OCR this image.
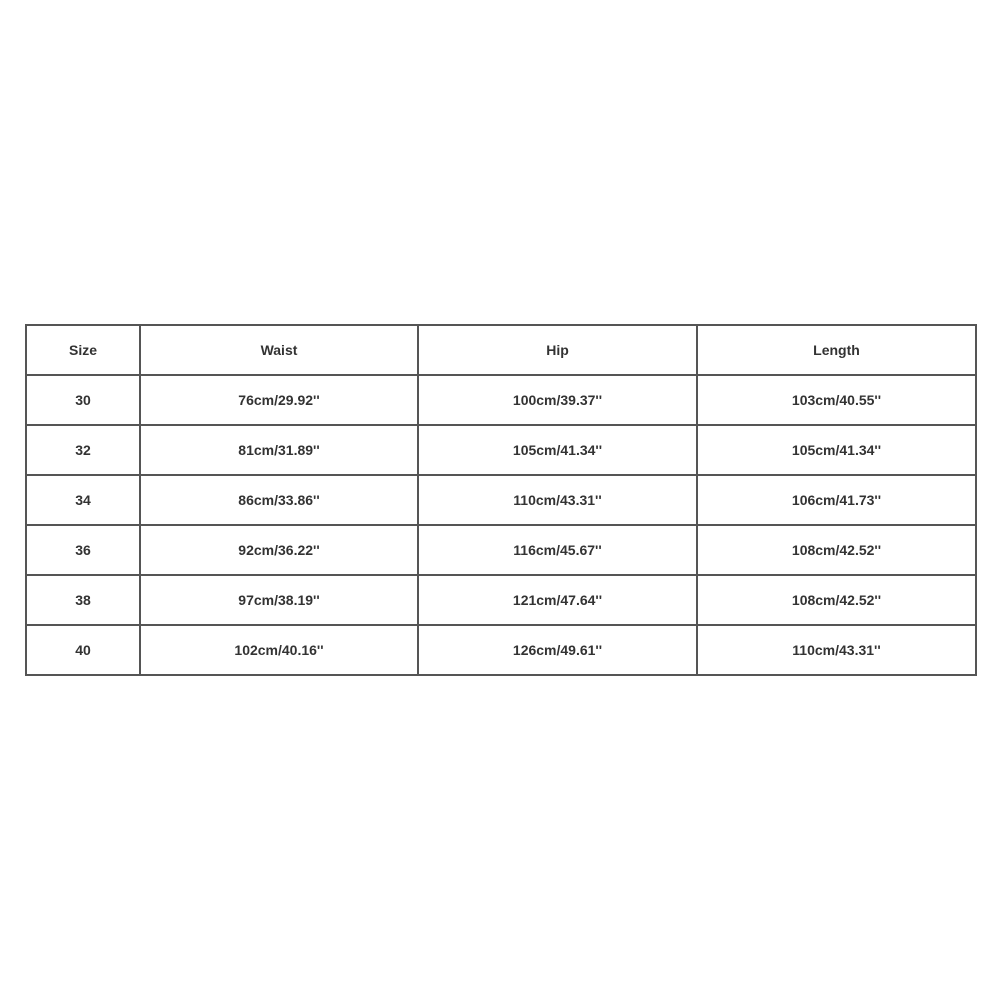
Size	Waist	Hip	Length
30	76cm/29.92''	100cm/39.37''	103cm/40.55''
32	81cm/31.89''	105cm/41.34''	105cm/41.34''
34	86cm/33.86''	110cm/43.31''	106cm/41.73''
36	92cm/36.22''	116cm/45.67''	108cm/42.52''
38	97cm/38.19''	121cm/47.64''	108cm/42.52''
40	102cm/40.16''	126cm/49.61''	110cm/43.31''
